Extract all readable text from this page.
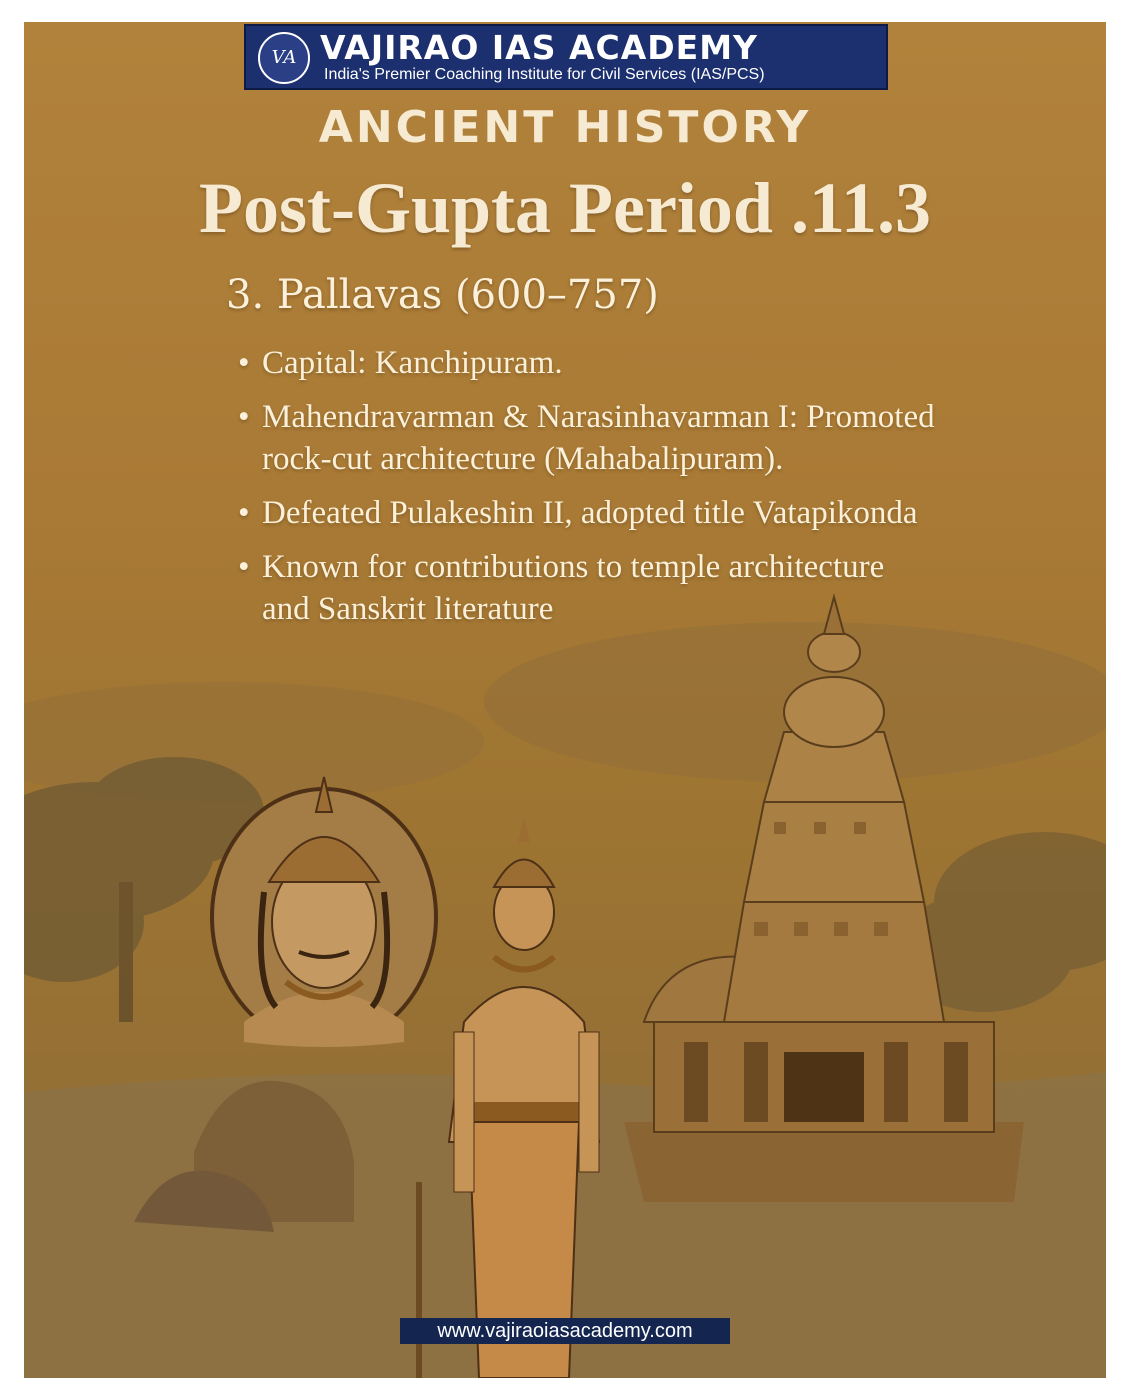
VA VAJIRAO IAS ACADEMY
India's Premier Coaching Institute for Civil Services (IAS/PCS)
ANCIENT HISTORY
Post-Gupta Period .11.3
3. Pallavas (600–757)
• Capital: Kanchipuram.
• Mahendravarman & Narasinhavarman I: Promoted rock-cut architecture (Mahabalipuram).
• Defeated Pulakeshin II, adopted title Vatapikonda
• Known for contributions to temple architecture and Sanskrit literature
www.vajiraoiasacademy.com
